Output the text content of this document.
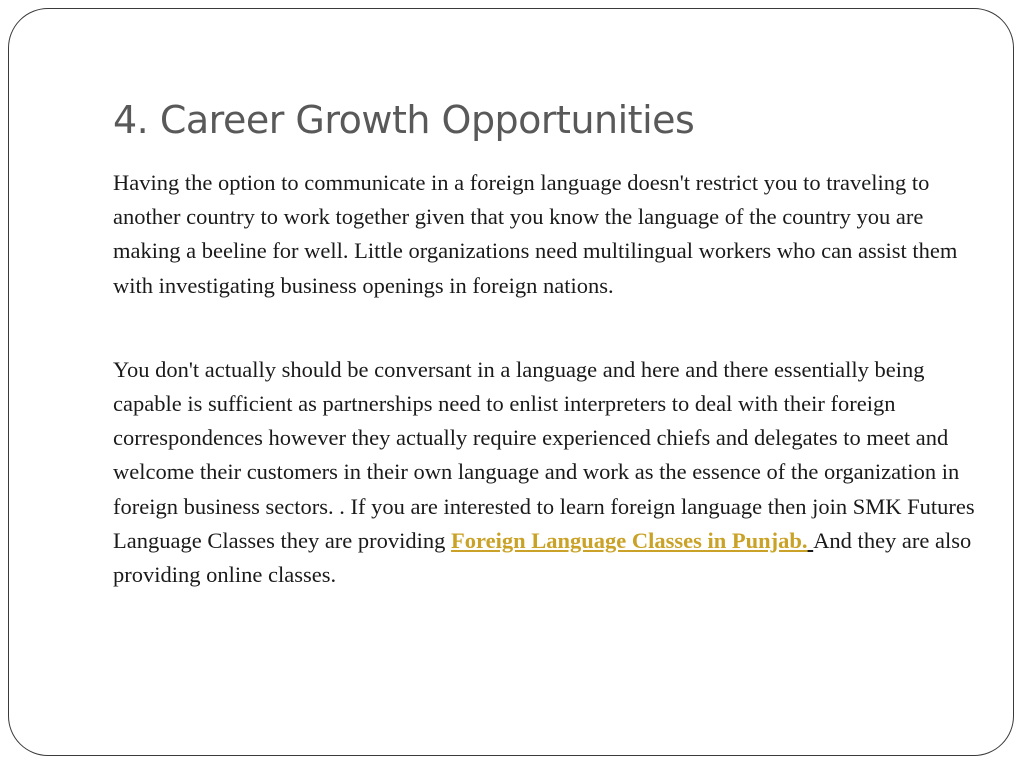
4. Career Growth Opportunities

Having the option to communicate in a foreign language doesn't restrict you to traveling to another country to work together given that you know the language of the country you are making a beeline for well. Little organizations need multilingual workers who can assist them with investigating business openings in foreign nations.

You don't actually should be conversant in a language and here and there essentially being capable is sufficient as partnerships need to enlist interpreters to deal with their foreign correspondences however they actually require experienced chiefs and delegates to meet and welcome their customers in their own language and work as the essence of the organization in foreign business sectors. . If you are interested to learn foreign language then join SMK Futures Language Classes they are providing Foreign Language Classes in Punjab. And they are also providing online classes.
